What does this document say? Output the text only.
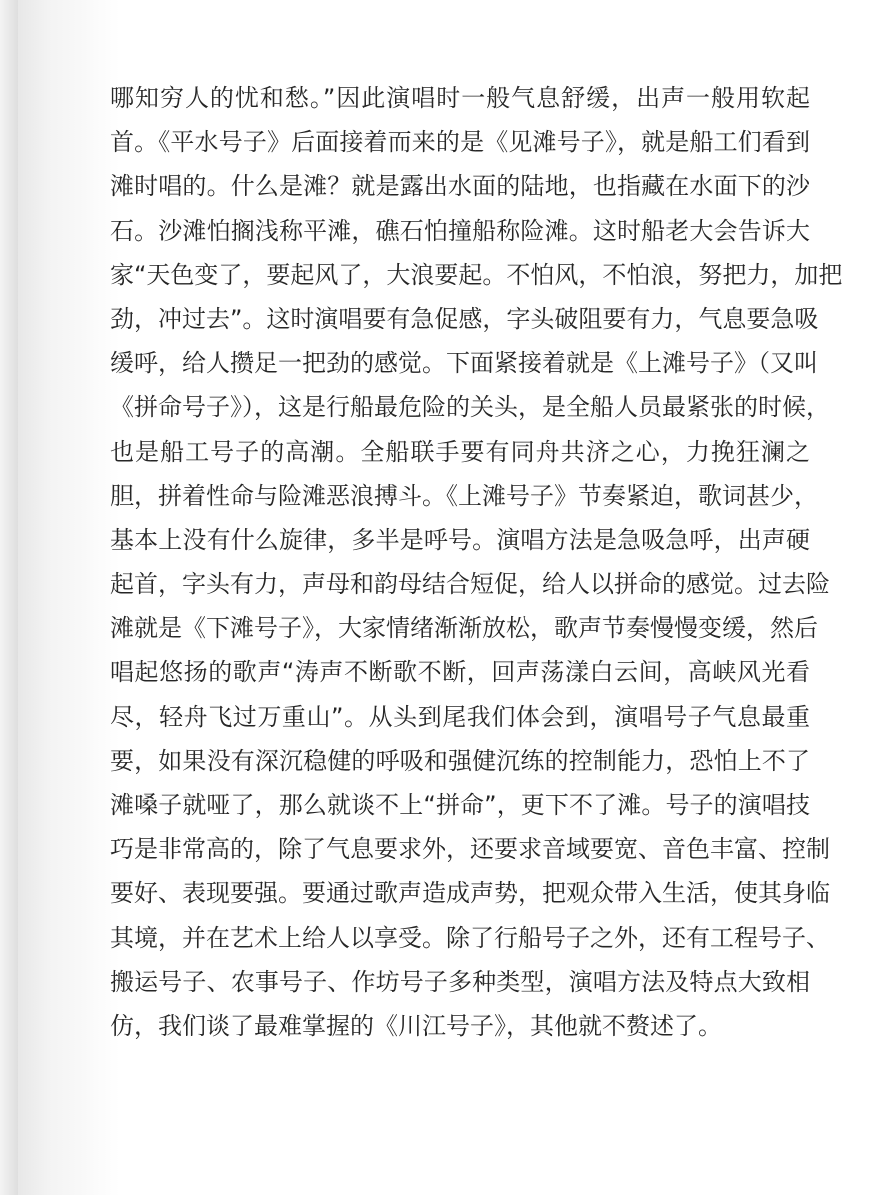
哪知穷人的忧和愁。”因此演唱时一般气息舒缓，出声一般用软起
首。《平水号子》后面接着而来的是《见滩号子》，就是船工们看到
滩时唱的。什么是滩？就是露出水面的陆地，也指藏在水面下的沙
石。沙滩怕搁浅称平滩，礁石怕撞船称险滩。这时船老大会告诉大
家“天色变了，要起风了，大浪要起。不怕风，不怕浪，努把力，加把
劲，冲过去”。这时演唱要有急促感，字头破阻要有力，气息要急吸
缓呼，给人攒足一把劲的感觉。下面紧接着就是《上滩号子》（又叫
《拼命号子》），这是行船最危险的关头，是全船人员最紧张的时候，
也是船工号子的高潮。全船联手要有同舟共济之心，力挽狂澜之
胆，拼着性命与险滩恶浪搏斗。《上滩号子》节奏紧迫，歌词甚少，
基本上没有什么旋律，多半是呼号。演唱方法是急吸急呼，出声硬
起首，字头有力，声母和韵母结合短促，给人以拼命的感觉。过去险
滩就是《下滩号子》，大家情绪渐渐放松，歌声节奏慢慢变缓，然后
唱起悠扬的歌声“涛声不断歌不断，回声荡漾白云间，高峡风光看
尽，轻舟飞过万重山”。从头到尾我们体会到，演唱号子气息最重
要，如果没有深沉稳健的呼吸和强健沉练的控制能力，恐怕上不了
滩嗓子就哑了，那么就谈不上“拼命”，更下不了滩。号子的演唱技
巧是非常高的，除了气息要求外，还要求音域要宽、音色丰富、控制
要好、表现要强。要通过歌声造成声势，把观众带入生活，使其身临
其境，并在艺术上给人以享受。除了行船号子之外，还有工程号子、
搬运号子、农事号子、作坊号子多种类型，演唱方法及特点大致相
仿，我们谈了最难掌握的《川江号子》，其他就不赘述了。
